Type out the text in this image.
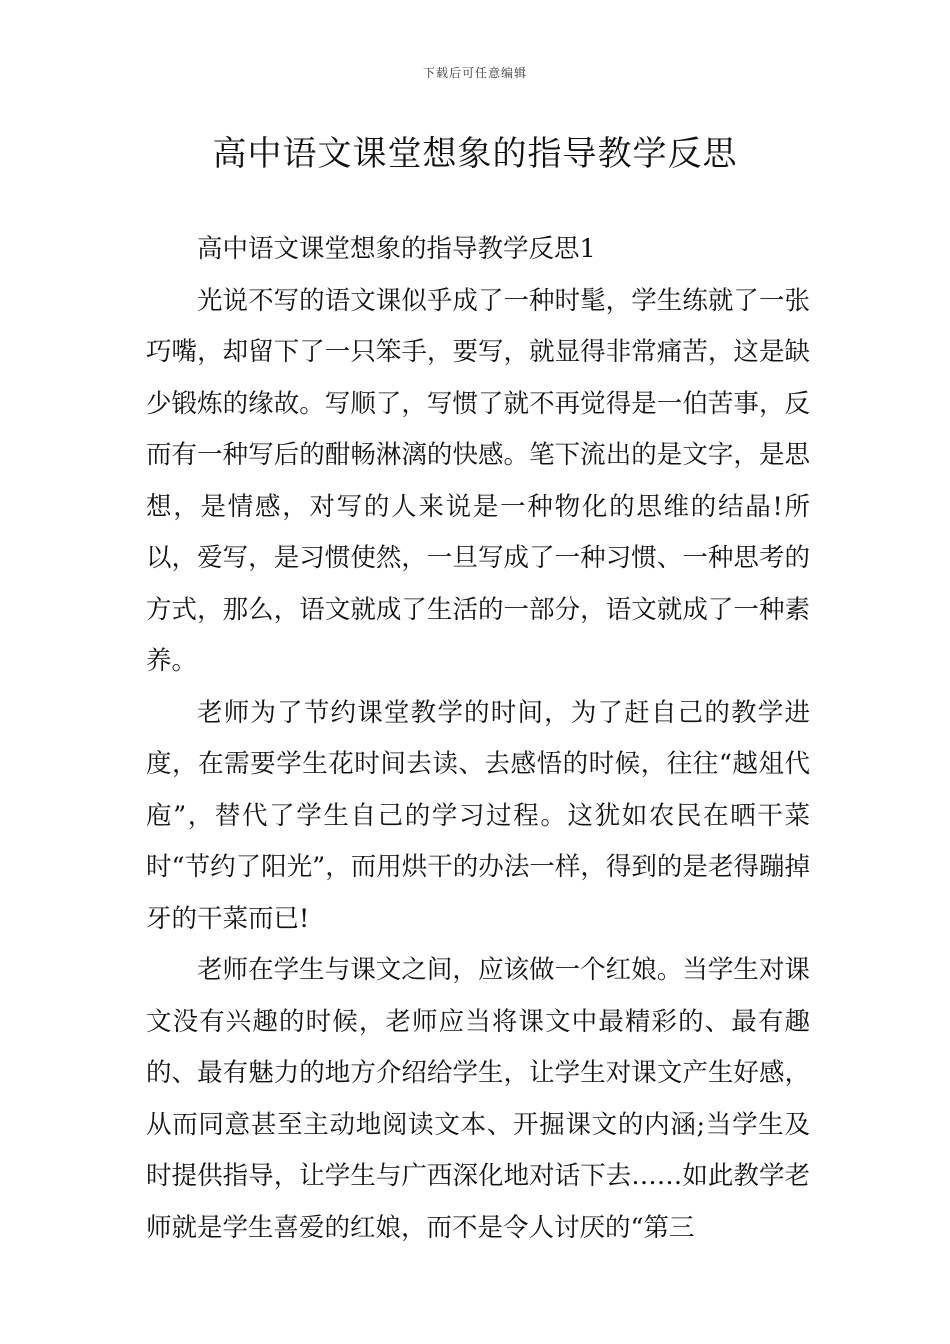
下载后可任意编辑
高中语文课堂想象的指导教学反思

高中语文课堂想象的指导教学反思1

光说不写的语文课似乎成了一种时髦，学生练就了一张巧嘴，却留下了一只笨手，要写，就显得非常痛苦，这是缺少锻炼的缘故。写顺了，写惯了就不再觉得是一伯苦事，反而有一种写后的酣畅淋漓的快感。笔下流出的是文字，是思想，是情感，对写的人来说是一种物化的思维的结晶!所以，爱写，是习惯使然，一旦写成了一种习惯、一种思考的方式，那么，语文就成了生活的一部分，语文就成了一种素养。

老师为了节约课堂教学的时间，为了赶自己的教学进度，在需要学生花时间去读、去感悟的时候，往往“越俎代庖”，替代了学生自己的学习过程。这犹如农民在晒干菜时“节约了阳光”，而用烘干的办法一样，得到的是老得蹦掉牙的干菜而已!

老师在学生与课文之间，应该做一个红娘。当学生对课文没有兴趣的时候，老师应当将课文中最精彩的、最有趣的、最有魅力的地方介绍给学生，让学生对课文产生好感，从而同意甚至主动地阅读文本、开掘课文的内涵;当学生及时提供指导，让学生与广西深化地对话下去……如此教学老师就是学生喜爱的红娘，而不是令人讨厌的“第三
